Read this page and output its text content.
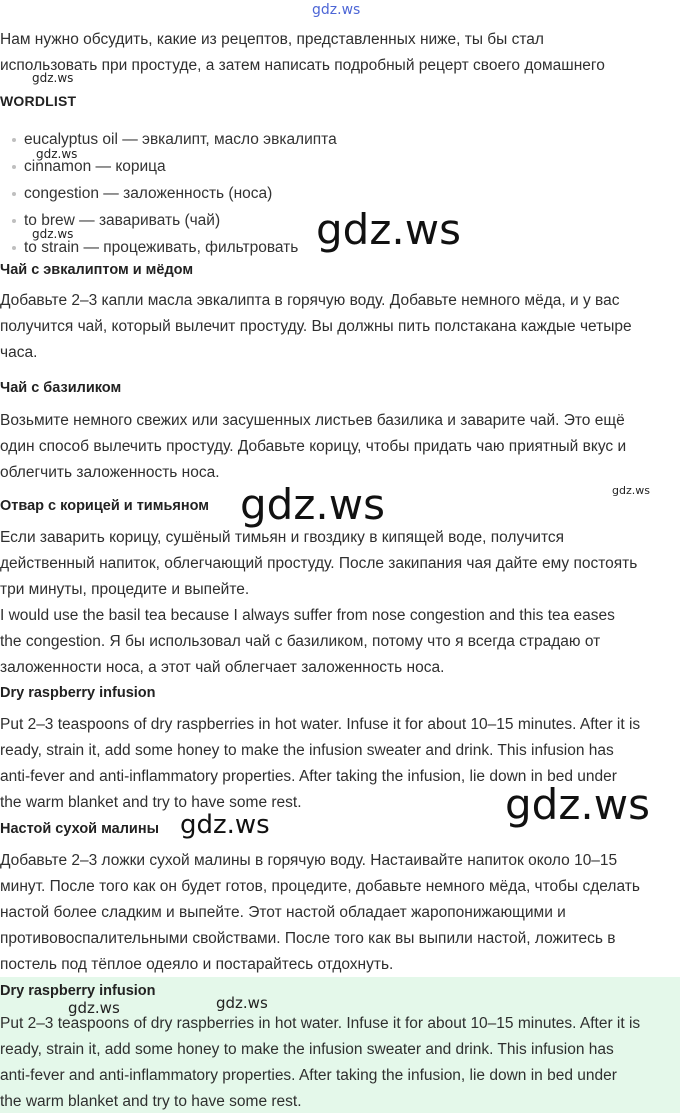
gdz.ws

Нам нужно обсудить, какие из рецептов, представленных ниже, ты бы стал

использовать при простуде, а затем написать подробный рецерт своего домашнего

gdz.ws
WORDLIST
eucalyptus oil — эвкалипт, масло эвкалипта
cinnamon — корица
congestion — заложенность (носа)
to brew — заваривать (чай)
to strain — процеживать, фильтровать
gdz.ws
gdz.ws	gdz.ws
Чай с эвкалиптом и мёдом

Добавьте 2–3 капли масла эвкалипта в горячую воду. Добавьте немного мёда, и у вас

получится чай, который вылечит простуду. Вы должны пить полстакана каждые четыре

часа.

Чай с базиликом

Возьмите немного свежих или засушенных листьев базилика и заварите чай. Это ещё

один способ вылечить простуду. Добавьте корицу, чтобы придать чаю приятный вкус и

облегчить заложенность носа.

Отвар с корицей и тимьяном gdz.ws	gdz.ws

Если заварить корицу, сушёный тимьян и гвоздику в кипящей воде, получится

действенный напиток, облегчающий простуду. После закипания чая дайте ему постоять

три минуты, процедите и выпейте.

I would use the basil tea because I always suffer from nose congestion and this tea eases

the congestion. Я бы использовал чай с базиликом, потому что я всегда страдаю от

заложенности носа, а этот чай облегчает заложенность носа.

Dry raspberry infusion

Put 2–3 teaspoons of dry raspberries in hot water. Infuse it for about 10–15 minutes. After it is

ready, strain it, add some honey to make the infusion sweater and drink. This infusion has

anti-fever and anti-inflammatory properties. After taking the infusion, lie down in bed under

the warm blanket and try to have some rest.	gdz.ws
Настой сухой малины gdz.ws

Добавьте 2–3 ложки сухой малины в горячую воду. Настаивайте напиток около 10–15

минут. После того как он будет готов, процедите, добавьте немного мёда, чтобы сделать

настой более сладким и выпейте. Этот настой обладает жаропонижающими и

противовоспалительными свойствами. После того как вы выпили настой, ложитесь в

постель под тёплое одеяло и постарайтесь отдохнуть.

Dry raspberry infusion
gdz.ws	gdz.ws

Put 2–3 teaspoons of dry raspberries in hot water. Infuse it for about 10–15 minutes. After it is

ready, strain it, add some honey to make the infusion sweater and drink. This infusion has

anti-fever and anti-inflammatory properties. After taking the infusion, lie down in bed under

the warm blanket and try to have some rest.
